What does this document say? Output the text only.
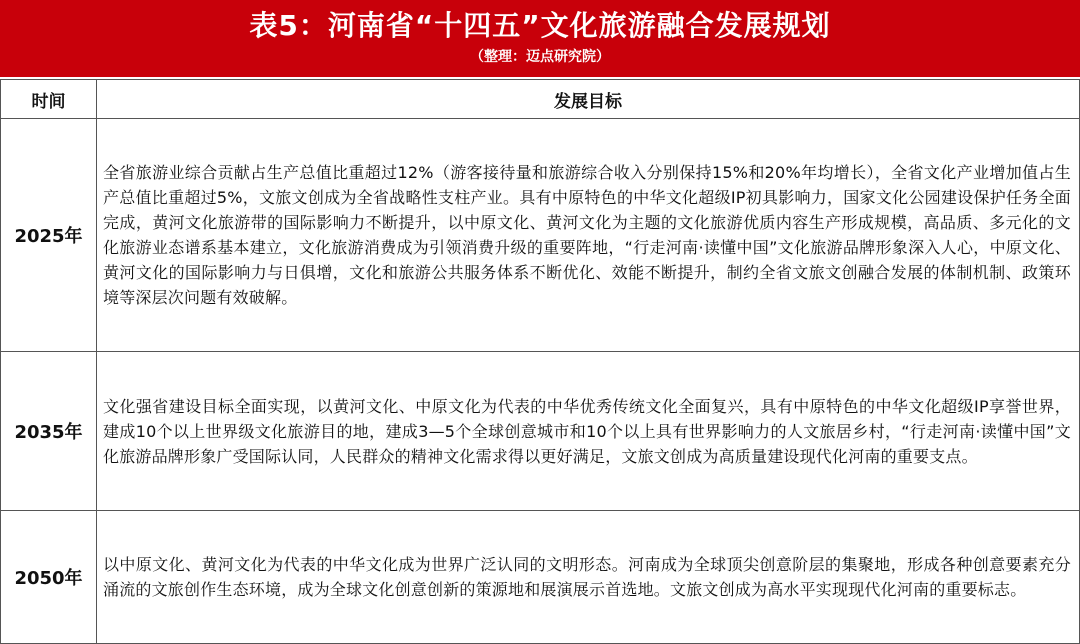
表5：河南省“十四五”文化旅游融合发展规划
（整理：迈点研究院）
时间	发展目标
2025年	全省旅游业综合贡献占生产总值比重超过12%（游客接待量和旅游综合收入分别保持15%和20%年均增长），全省文化产业增加值占生产总值比重超过5%，文旅文创成为全省战略性支柱产业。具有中原特色的中华文化超级IP初具影响力，国家文化公园建设保护任务全面完成，黄河文化旅游带的国际影响力不断提升，以中原文化、黄河文化为主题的文化旅游优质内容生产形成规模，高品质、多元化的文化旅游业态谱系基本建立，文化旅游消费成为引领消费升级的重要阵地，“行走河南·读懂中国”文化旅游品牌形象深入人心，中原文化、黄河文化的国际影响力与日俱增，文化和旅游公共服务体系不断优化、效能不断提升，制约全省文旅文创融合发展的体制机制、政策环境等深层次问题有效破解。
2035年	文化强省建设目标全面实现，以黄河文化、中原文化为代表的中华优秀传统文化全面复兴，具有中原特色的中华文化超级IP享誉世界，建成10个以上世界级文化旅游目的地，建成3—5个全球创意城市和10个以上具有世界影响力的人文旅居乡村，“行走河南·读懂中国”文化旅游品牌形象广受国际认同，人民群众的精神文化需求得以更好满足，文旅文创成为高质量建设现代化河南的重要支点。
2050年	以中原文化、黄河文化为代表的中华文化成为世界广泛认同的文明形态。河南成为全球顶尖创意阶层的集聚地，形成各种创意要素充分涌流的文旅创作生态环境，成为全球文化创意创新的策源地和展演展示首选地。文旅文创成为高水平实现现代化河南的重要标志。
